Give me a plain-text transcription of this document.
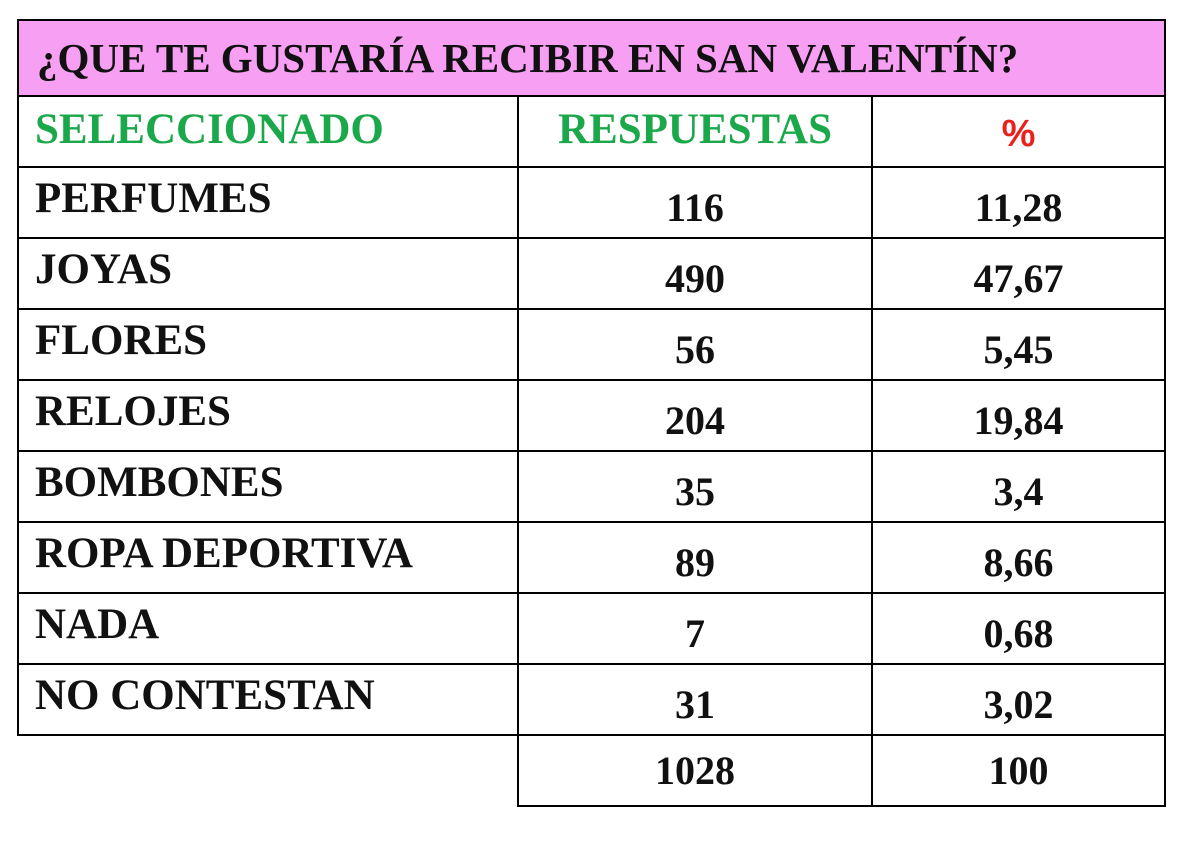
¿QUE TE GUSTARÍA RECIBIR EN SAN VALENTÍN?		
SELECCIONADO	RESPUESTAS	%
PERFUMES	116	11,28
JOYAS	490	47,67
FLORES	56	5,45
RELOJES	204	19,84
BOMBONES	35	3,4
ROPA DEPORTIVA	89	8,66
NADA	7	0,68
NO CONTESTAN	31	3,02
	1028	100
